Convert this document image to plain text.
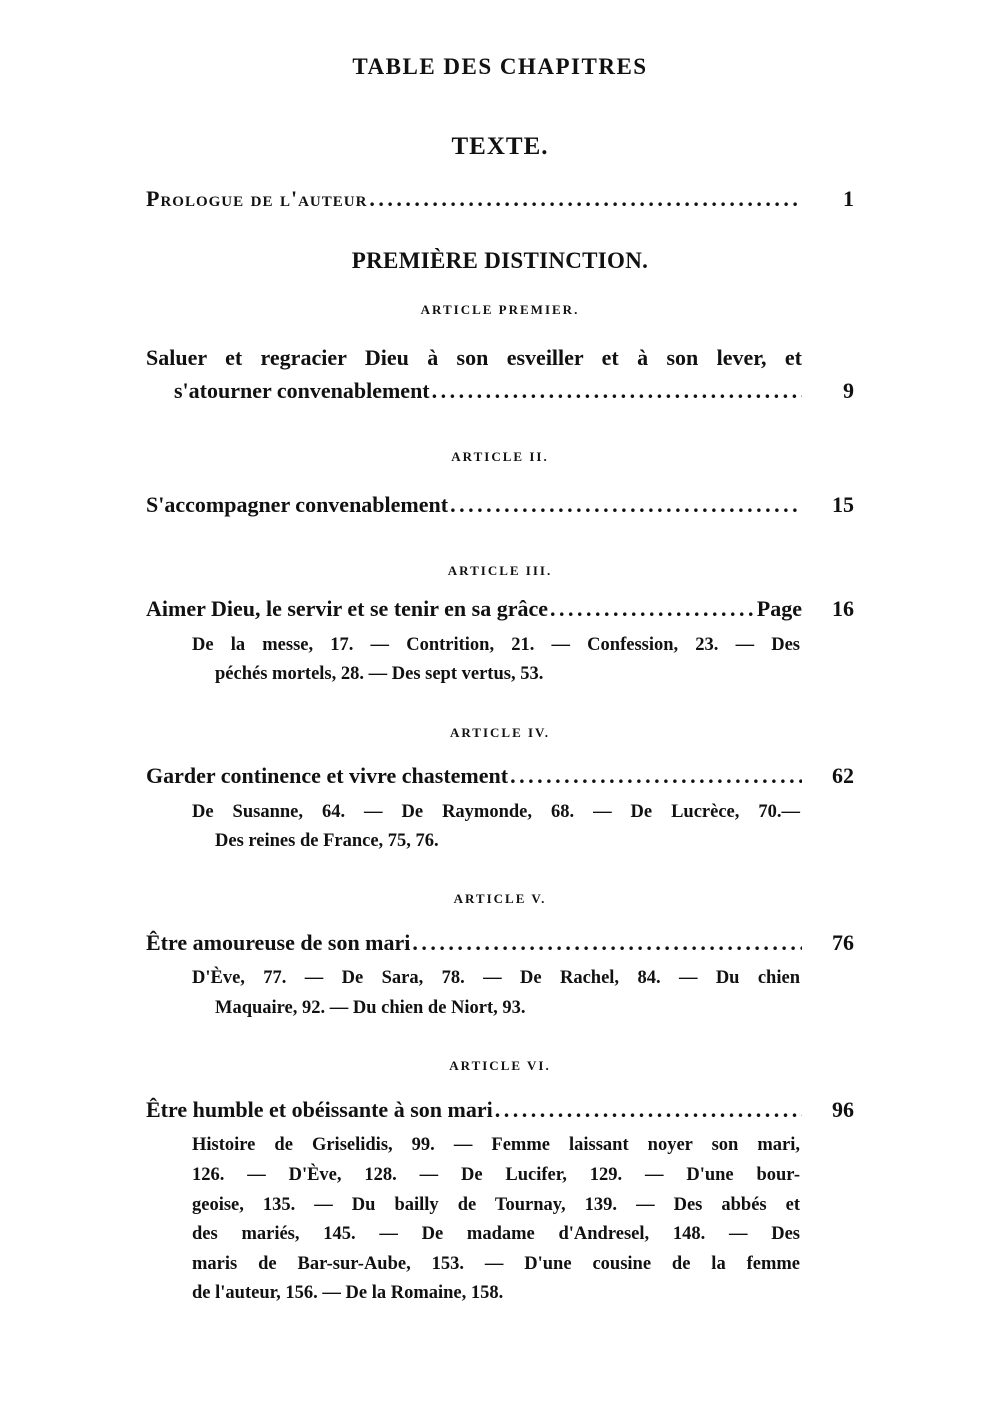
TABLE DES CHAPITRES
TEXTE.
Prologue de l'auteur . . .	1
PREMIÈRE DISTINCTION.
ARTICLE PREMIER.
Saluer et regracier Dieu à son esveiller et à son lever, et
s'atourner convenablement . . .	9
ARTICLE II.
S'accompagner convenablement . . .	15
ARTICLE III.
Aimer Dieu, le servir et se tenir en sa grâce . . .	Page	16
De la messe, 17. — Contrition, 21. — Confession, 23. — Des
péchés mortels, 28. — Des sept vertus, 53.
ARTICLE IV.
Garder continence et vivre chastement . . .	62
De Susanne, 64. — De Raymonde, 68. — De Lucrèce, 70.—
Des reines de France, 75, 76.
ARTICLE V.
Être amoureuse de son mari . . .	76
D'Ève, 77. — De Sara, 78. — De Rachel, 84. — Du chien
Maquaire, 92. — Du chien de Niort, 93.
ARTICLE VI.
Être humble et obéissante à son mari . . .	96
Histoire de Griselidis, 99. — Femme laissant noyer son mari,
126. — D'Ève, 128. — De Lucifer, 129. — D'une bour-
geoise, 135. — Du bailly de Tournay, 139. — Des abbés et
des mariés, 145. — De madame d'Andresel, 148. — Des
maris de Bar-sur-Aube, 153. — D'une cousine de la femme
de l'auteur, 156. — De la Romaine, 158.
